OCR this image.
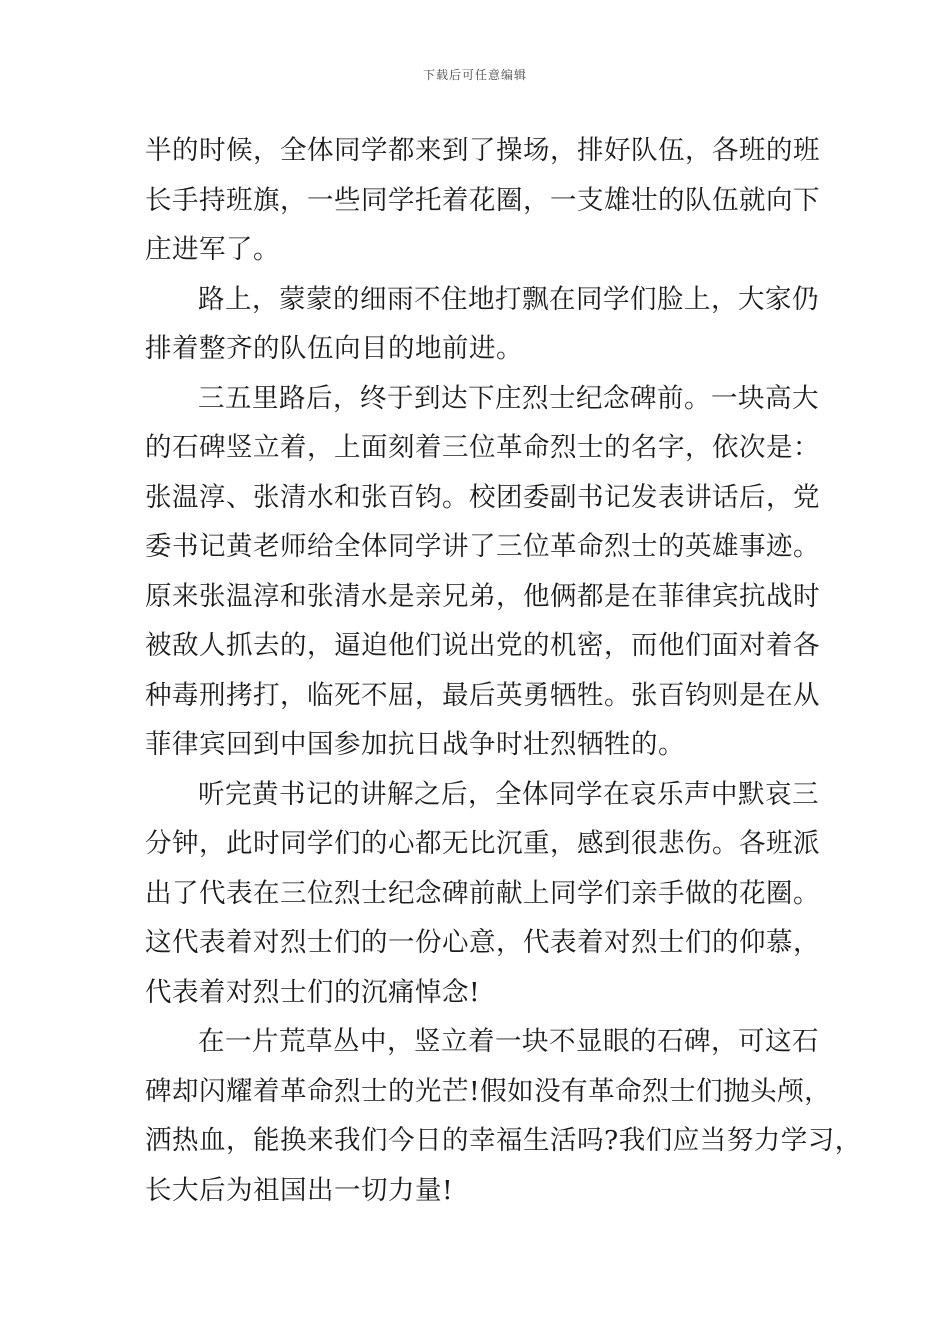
下载后可任意编辑

半的时候，全体同学都来到了操场，排好队伍，各班的班
长手持班旗，一些同学托着花圈，一支雄壮的队伍就向下
庄进军了。

路上，蒙蒙的细雨不住地打飘在同学们脸上，大家仍
排着整齐的队伍向目的地前进。

三五里路后，终于到达下庄烈士纪念碑前。一块高大
的石碑竖立着，上面刻着三位革命烈士的名字，依次是：
张温淳、张清水和张百钧。校团委副书记发表讲话后，党
委书记黄老师给全体同学讲了三位革命烈士的英雄事迹。
原来张温淳和张清水是亲兄弟，他俩都是在菲律宾抗战时
被敌人抓去的，逼迫他们说出党的机密，而他们面对着各
种毒刑拷打，临死不屈，最后英勇牺牲。张百钧则是在从
菲律宾回到中国参加抗日战争时壮烈牺牲的。

听完黄书记的讲解之后，全体同学在哀乐声中默哀三
分钟，此时同学们的心都无比沉重，感到很悲伤。各班派
出了代表在三位烈士纪念碑前献上同学们亲手做的花圈。
这代表着对烈士们的一份心意，代表着对烈士们的仰慕，
代表着对烈士们的沉痛悼念!

在一片荒草丛中，竖立着一块不显眼的石碑，可这石
碑却闪耀着革命烈士的光芒!假如没有革命烈士们抛头颅，
洒热血，能换来我们今日的幸福生活吗?我们应当努力学习，
长大后为祖国出一切力量!
